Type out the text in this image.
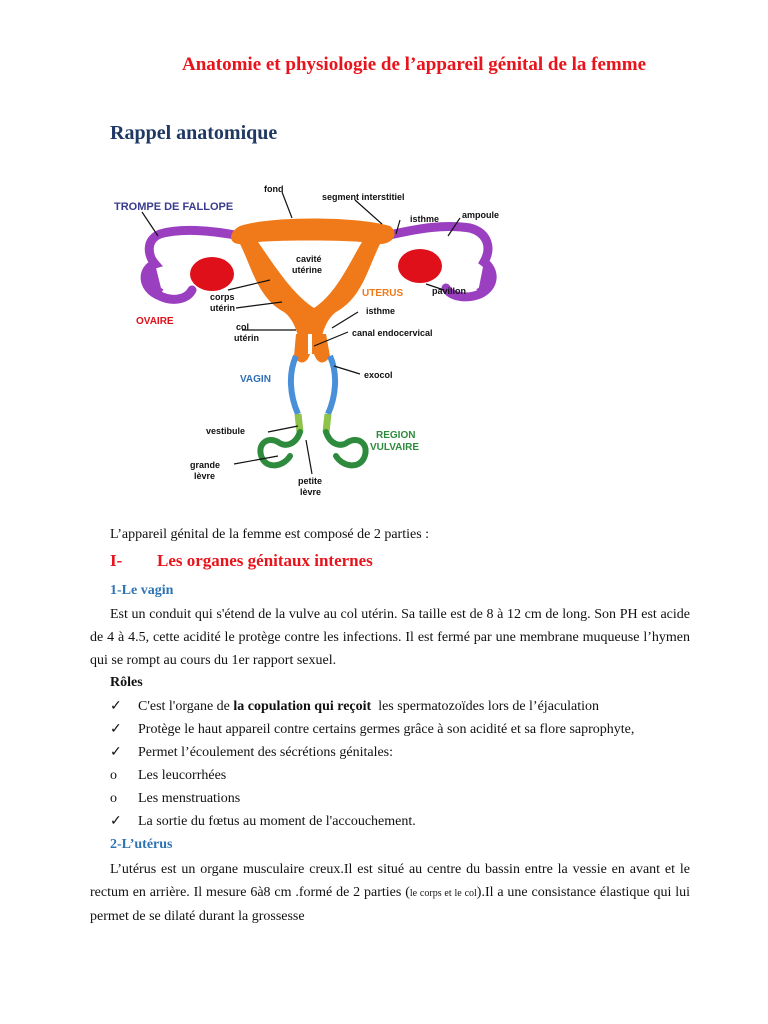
Anatomie et physiologie de l’appareil génital de la femme
Rappel anatomique
TROMPE DE FALLOPE
fond
segment interstitiel
isthme	ampoule
cavité
utérine
UTERUS	pavillon
corps
utérin
OVAIRE
isthme
col
utérin	canal endocervical
VAGIN	exocol
vestibule	REGION
VULVAIRE
grande
lèvre	petite
lèvre
L’appareil génital de la femme est composé de 2 parties :
I- Les organes génitaux internes
1-Le vagin
Est un conduit qui s'étend de la vulve au col utérin. Sa taille est de 8 à 12 cm de long. Son PH est acide de 4 à 4.5, cette acidité le protège contre les infections. Il est fermé par une membrane muqueuse l’hymen qui se rompt au cours du 1er rapport sexuel.
Rôles
✓	C'est l'organe de la copulation qui reçoit  les spermatozoïdes lors de l’éjaculation
✓	Protège le haut appareil contre certains germes grâce à son acidité et sa flore saprophyte,
✓	Permet l’écoulement des sécrétions génitales:
o	Les leucorrhées
o	Les menstruations
✓	La sortie du fœtus au moment de l'accouchement.
2-L’utérus
L’utérus est un organe musculaire creux.Il est situé au centre du bassin entre la vessie en avant et le rectum en arrière. Il mesure 6à8 cm .formé de 2 parties (le corps et le col).Il a une consistance élastique qui lui permet de se dilaté durant la grossesse
